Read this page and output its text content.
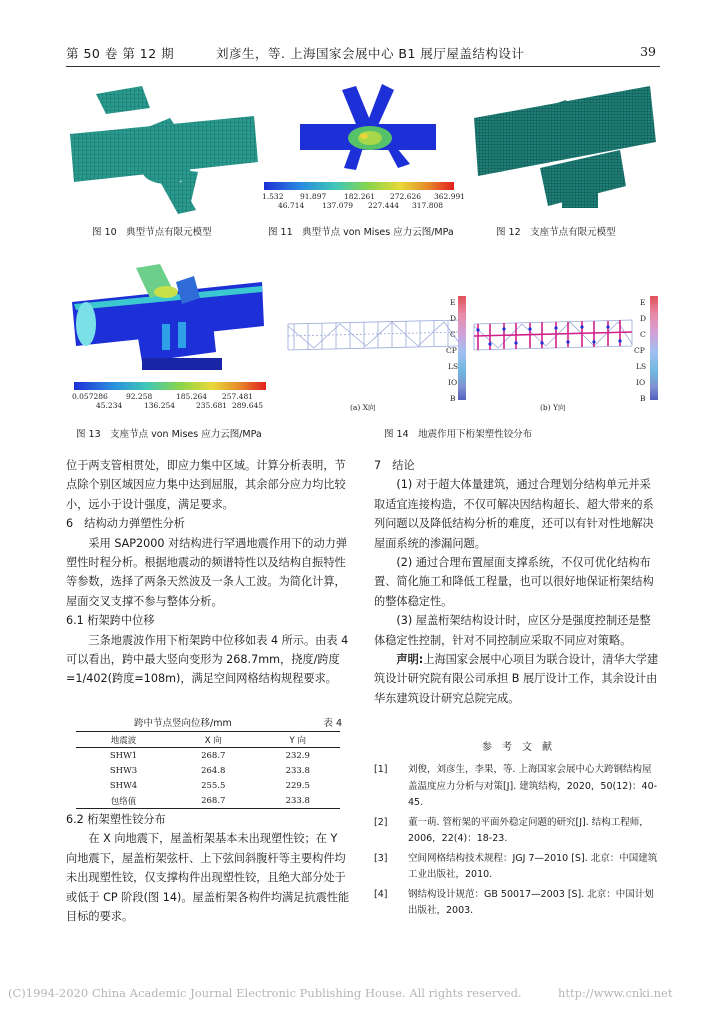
第 50 卷 第 12 期	刘彦生，等. 上海国家会展中心 B1 展厅屋盖结构设计	39
图 10　典型节点有限元模型
1.532 91.897 182.261 272.626 362.991
46.714 137.079 227.444 317.808
图 11　典型节点 von Mises 应力云图/MPa	图 12　支座节点有限元模型
0.057286 92.258	185.264 257.481
45.234	136.254	235.681 289.645
图 13　支座节点 von Mises 应力云图/MPa
E
D
C
CP
LS
IO
B
E
D
C
CP
LS
IO
B
(a) X向	(b) Y向
图 14　地震作用下桁架塑性铰分布

位于两支管相贯处，即应力集中区域。计算分析表明，节点除个别区域因应力集中达到屈服，其余部分应力均比较小，远小于设计强度，满足要求。

6　结构动力弹塑性分析

采用 SAP2000 对结构进行罕遇地震作用下的动力弹塑性时程分析。根据地震动的频谱特性以及结构自振特性等参数，选择了两条天然波及一条人工波。为简化计算，屋面交叉支撑不参与整体分析。

6.1 桁架跨中位移

三条地震波作用下桁架跨中位移如表 4 所示。由表 4 可以看出，跨中最大竖向变形为 268.7mm，挠度/跨度=1/402(跨度=108m)，满足空间网格结构规程要求。

跨中节点竖向位移/mm	表 4
地震波	X 向	Y 向
SHW1	268.7	232.9
SHW3	264.8	233.8
SHW4	255.5	229.5
包络值	268.7	233.8

6.2 桁架塑性铰分布

在 X 向地震下，屋盖桁架基本未出现塑性铰；在 Y 向地震下，屋盖桁架弦杆、上下弦间斜腹杆等主要构件均未出现塑性铰，仅支撑构件出现塑性铰，且绝大部分处于或低于 CP 阶段(图 14)。屋盖桁架各构件均满足抗震性能目标的要求。

7　结论

(1) 对于超大体量建筑，通过合理划分结构单元并采取适宜连接构造，不仅可解决因结构超长、超大带来的系列问题以及降低结构分析的难度，还可以有针对性地解决屋面系统的渗漏问题。

(2) 通过合理布置屋面支撑系统，不仅可优化结构布置、简化施工和降低工程量，也可以很好地保证桁架结构的整体稳定性。

(3) 屋盖桁架结构设计时，应区分是强度控制还是整体稳定性控制，针对不同控制应采取不同应对策略。

声明:上海国家会展中心项目为联合设计，清华大学建筑设计研究院有限公司承担 B 展厅设计工作，其余设计由华东建筑设计研究总院完成。

参　考　文　献
[1] 刘俊，刘彦生，李果，等. 上海国家会展中心大跨钢结构屋盖温度应力分析与对策[J]. 建筑结构，2020，50(12)：40-45.
[2] 董一萌. 管桁架的平面外稳定问题的研究[J]. 结构工程师，2006，22(4)：18-23.
[3] 空间网格结构技术规程：JGJ 7—2010 [S]. 北京：中国建筑工业出版社，2010.
[4] 钢结构设计规范：GB 50017—2003 [S]. 北京：中国计划出版社，2003.
(C)1994-2020 China Academic Journal Electronic Publishing House. All rights reserved.	http://www.cnki.net
